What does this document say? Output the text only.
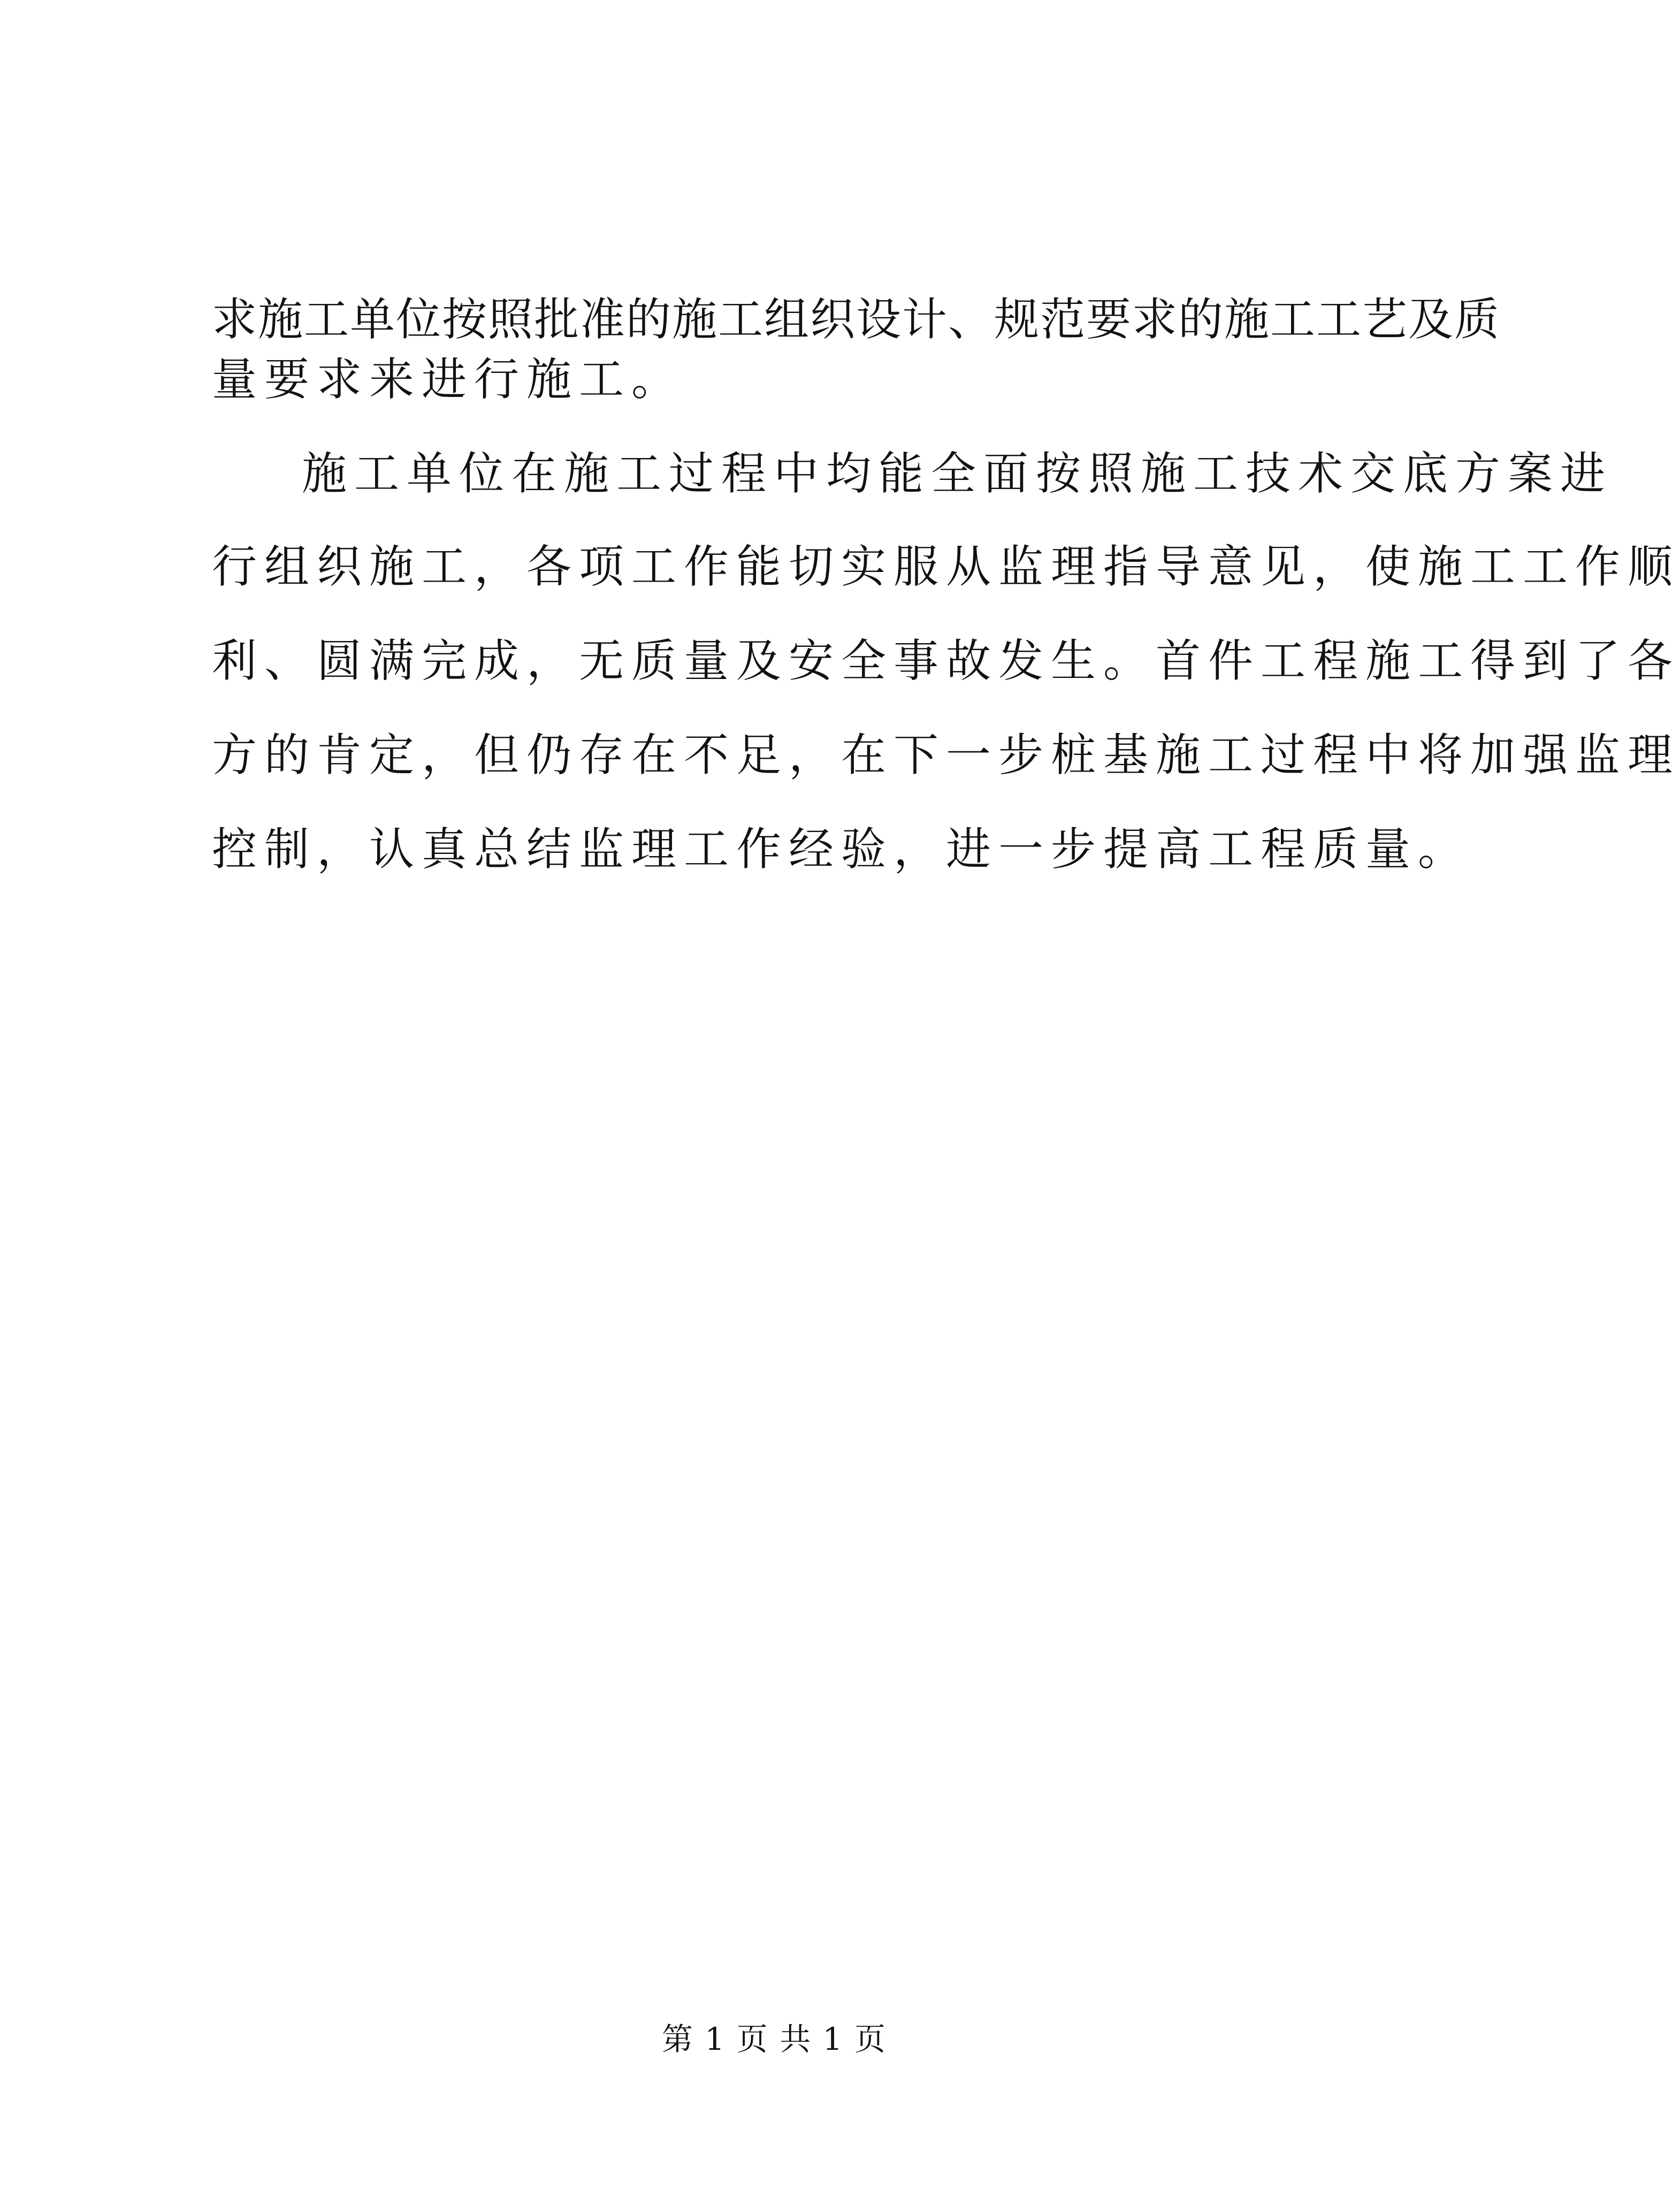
求施工单位按照批准的施工组织设计、规范要求的施工工艺及质
量要求来进行施工。
施工单位在施工过程中均能全面按照施工技术交底方案进
行组织施工，各项工作能切实服从监理指导意见，使施工工作顺
利、圆满完成，无质量及安全事故发生。首件工程施工得到了各
方的肯定，但仍存在不足，在下一步桩基施工过程中将加强监理
控制，认真总结监理工作经验，进一步提高工程质量。
第 1 页 共 1 页
